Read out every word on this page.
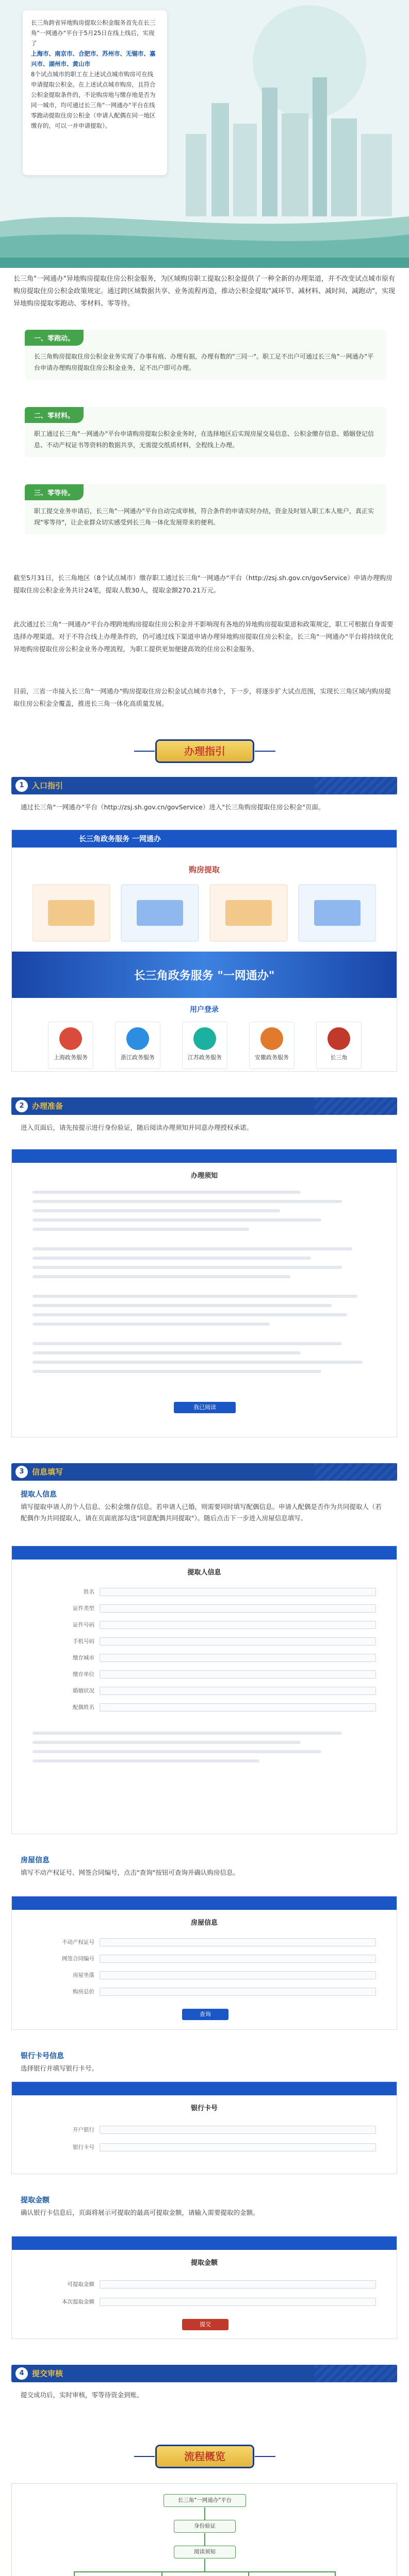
长三角跨省异地购房提取公积金服务首先在长三角"一网通办"平台于5月25日在线上线后，实现了

上海市、南京市、合肥市、苏州市、无锡市、嘉兴市、湖州市、黄山市

8个试点城市的职工在上述试点城市购房可在线申请提取公积金。在上述试点城市购房，且符合公积金提取条件的，不论购房地与缴存地是否为同一城市，均可通过长三角"一网通办"平台在线零跑动提取住房公积金（申请人配偶在同一地区缴存的，可以一并申请提取）。

长三角"一网通办"异地购房提取住房公积金服务，为区域购房职工提取公积金提供了一种全新的办理渠道，并不改变试点城市原有购房提取住房公积金政策规定。通过跨区域数据共享、业务流程再造，推动公积金提取"减环节、减材料、减时间、减跑动"，实现异地购房提取零跑动、零材料、零等待。

一、零跑动。
长三角购房提取住房公积金业务实现了办事有痕、办理有据，办理有数的"三同一"。职工足不出户可通过长三角"一网通办"平台申请办理购房提取住房公积金业务，足不出户即可办理。
二、零材料。
职工通过长三角"一网通办"平台申请购房提取公积金业务时，在选择地区后实现房屋交易信息、公积金缴存信息、婚姻登记信息、不动产权证书等资料的数据共享，无需提交纸质材料，全程线上办理。
三、零等待。
职工提交业务申请后，长三角"一网通办"平台自动完成审核，符合条件的申请实时办结，资金及时划入职工本人账户，真正实现"零等待"，让企业群众切实感受到长三角一体化发展带来的便利。

截至5月31日，长三角地区（8个试点城市）缴存职工通过长三角"一网通办"平台（http://zsj.sh.gov.cn/govService）申请办理购房提取住房公积金业务共计24笔，提取人数30人，提取金额270.21万元。

此次通过长三角"一网通办"平台办理跨地购房提取住房公积金并不影响现有各地的异地购房提取渠道和政策规定，职工可根据自身需要选择办理渠道。对于不符合线上办理条件的，仍可通过线下渠道申请办理异地购房提取住房公积金。长三角"一网通办"平台将持续优化异地购房提取住房公积金业务办理流程，为职工提供更加便捷高效的住房公积金服务。

目前，三省一市接入长三角"一网通办"购房提取住房公积金试点城市共8个，下一步，将逐步扩大试点范围，实现长三角区域内购房提取住房公积金全覆盖，推进长三角一体化高质量发展。

办理指引
1	入口指引

通过长三角"一网通办"平台（http://zsj.sh.gov.cn/govService）进入"长三角购房提取住房公积金"页面。

长三角政务服务 一网通办
购房提取
长三角政务服务 "一网通办"
用户登录
上海政务服务	浙江政务服务	江苏政务服务	安徽政务服务	长三角
2	办理准备

进入页面后，请先按提示进行身份验证，随后阅读办理须知并同意办理授权承诺。

办理须知
我已阅读
3	信息填写
提取人信息

填写提取申请人的个人信息、公积金缴存信息。若申请人已婚，则需要同时填写配偶信息。申请人配偶是否作为共同提取人（若配偶作为共同提取人，请在页面底部勾选"同意配偶共同提取"）。随后点击下一步进入房屋信息填写。

提取人信息
姓名
证件类型
证件号码
手机号码
缴存城市
缴存单位
婚姻状况
配偶姓名
房屋信息

填写不动产权证号、网签合同编号，点击"查询"按钮可查询并确认购房信息。

房屋信息
不动产权证号
网签合同编号
房屋坐落
购房总价
查询
银行卡号信息

选择银行并填写银行卡号。

银行卡号
开户银行
银行卡号
提取金额

确认银行卡信息后，页面将展示可提取的最高可提取金额，请输入需要提取的金额。

提取金额
可提取金额
本次提取金额
提交
4	提交审核

提交成功后，实时审核，零等待资金到账。

流程概览
长三角"一网通办"平台
身份验证
阅读须知
